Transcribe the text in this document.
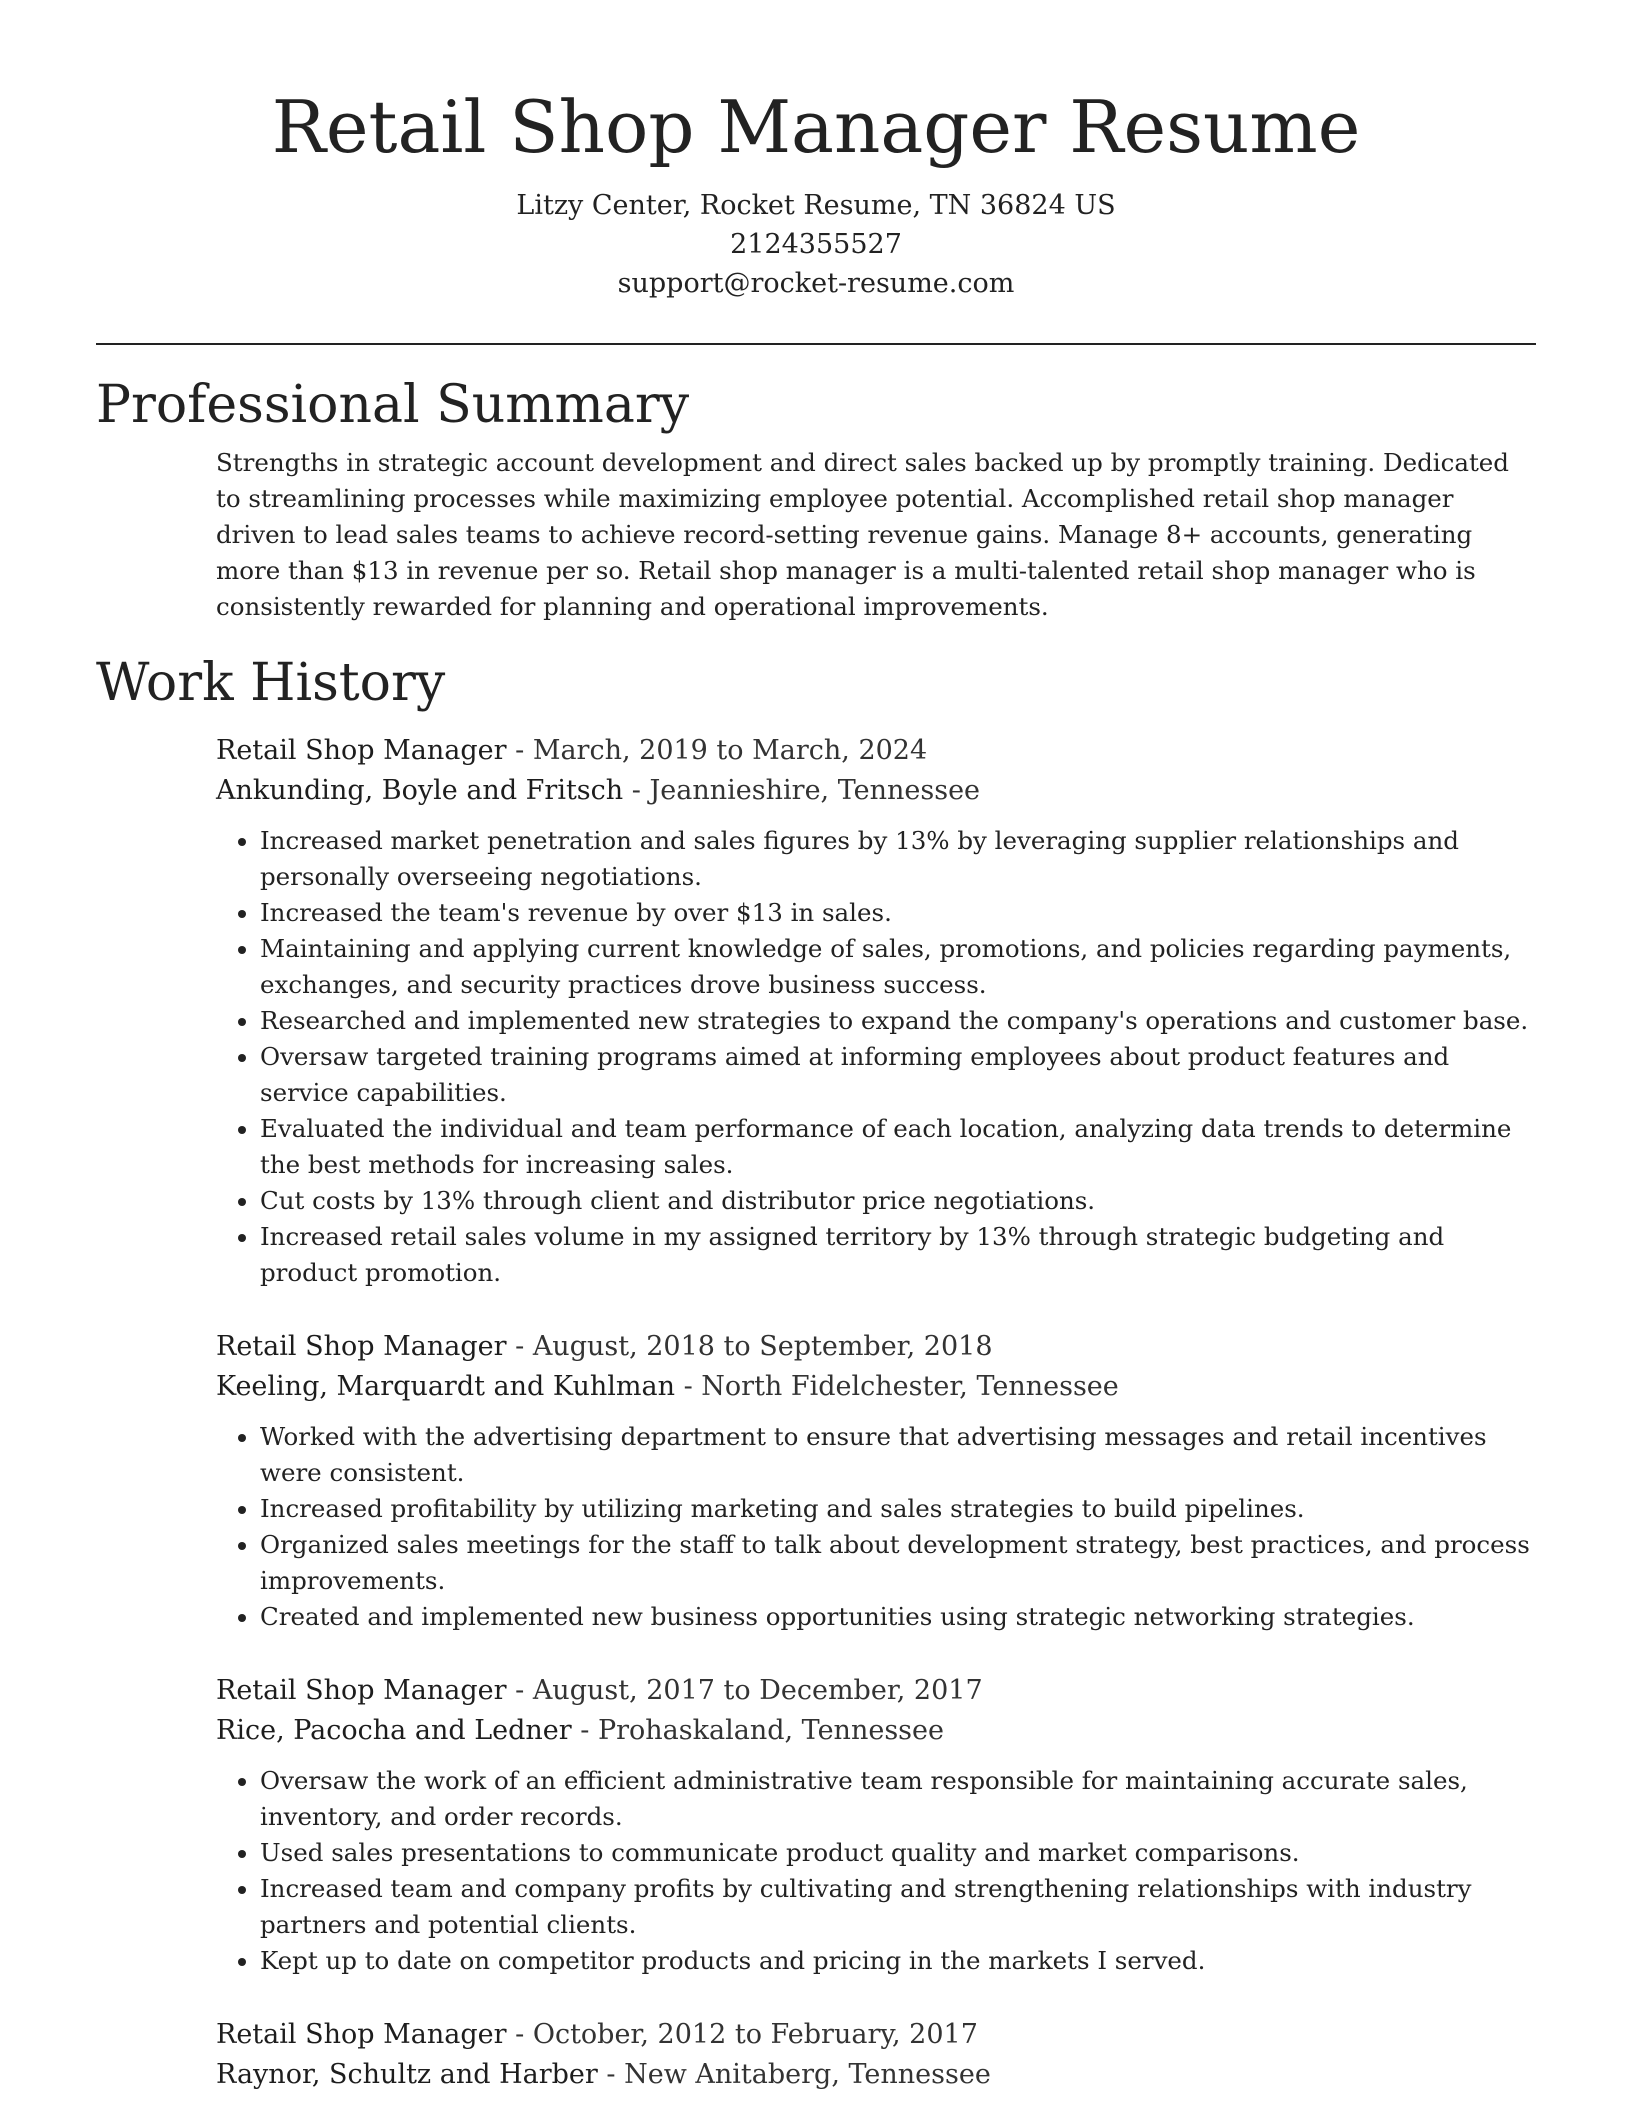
Retail Shop Manager Resume
Litzy Center, Rocket Resume, TN 36824 US
2124355527
support@rocket-resume.com
Professional Summary

Strengths in strategic account development and direct sales backed up by promptly training. Dedicated to streamlining processes while maximizing employee potential. Accomplished retail shop manager driven to lead sales teams to achieve record-setting revenue gains. Manage 8+ accounts, generating more than $13 in revenue per so. Retail shop manager is a multi-talented retail shop manager who is consistently rewarded for planning and operational improvements.

Work History
Retail Shop Manager - March, 2019 to March, 2024
Ankunding, Boyle and Fritsch - Jeannieshire, Tennessee
• Increased market penetration and sales figures by 13% by leveraging supplier relationships and personally overseeing negotiations.
• Increased the team's revenue by over $13 in sales.
• Maintaining and applying current knowledge of sales, promotions, and policies regarding payments, exchanges, and security practices drove business success.
• Researched and implemented new strategies to expand the company's operations and customer base.
• Oversaw targeted training programs aimed at informing employees about product features and service capabilities.
• Evaluated the individual and team performance of each location, analyzing data trends to determine the best methods for increasing sales.
• Cut costs by 13% through client and distributor price negotiations.
• Increased retail sales volume in my assigned territory by 13% through strategic budgeting and product promotion.
Retail Shop Manager - August, 2018 to September, 2018
Keeling, Marquardt and Kuhlman - North Fidelchester, Tennessee
• Worked with the advertising department to ensure that advertising messages and retail incentives were consistent.
• Increased profitability by utilizing marketing and sales strategies to build pipelines.
• Organized sales meetings for the staff to talk about development strategy, best practices, and process improvements.
• Created and implemented new business opportunities using strategic networking strategies.
Retail Shop Manager - August, 2017 to December, 2017
Rice, Pacocha and Ledner - Prohaskaland, Tennessee
• Oversaw the work of an efficient administrative team responsible for maintaining accurate sales, inventory, and order records.
• Used sales presentations to communicate product quality and market comparisons.
• Increased team and company profits by cultivating and strengthening relationships with industry partners and potential clients.
• Kept up to date on competitor products and pricing in the markets I served.
Retail Shop Manager - October, 2012 to February, 2017
Raynor, Schultz and Harber - New Anitaberg, Tennessee
